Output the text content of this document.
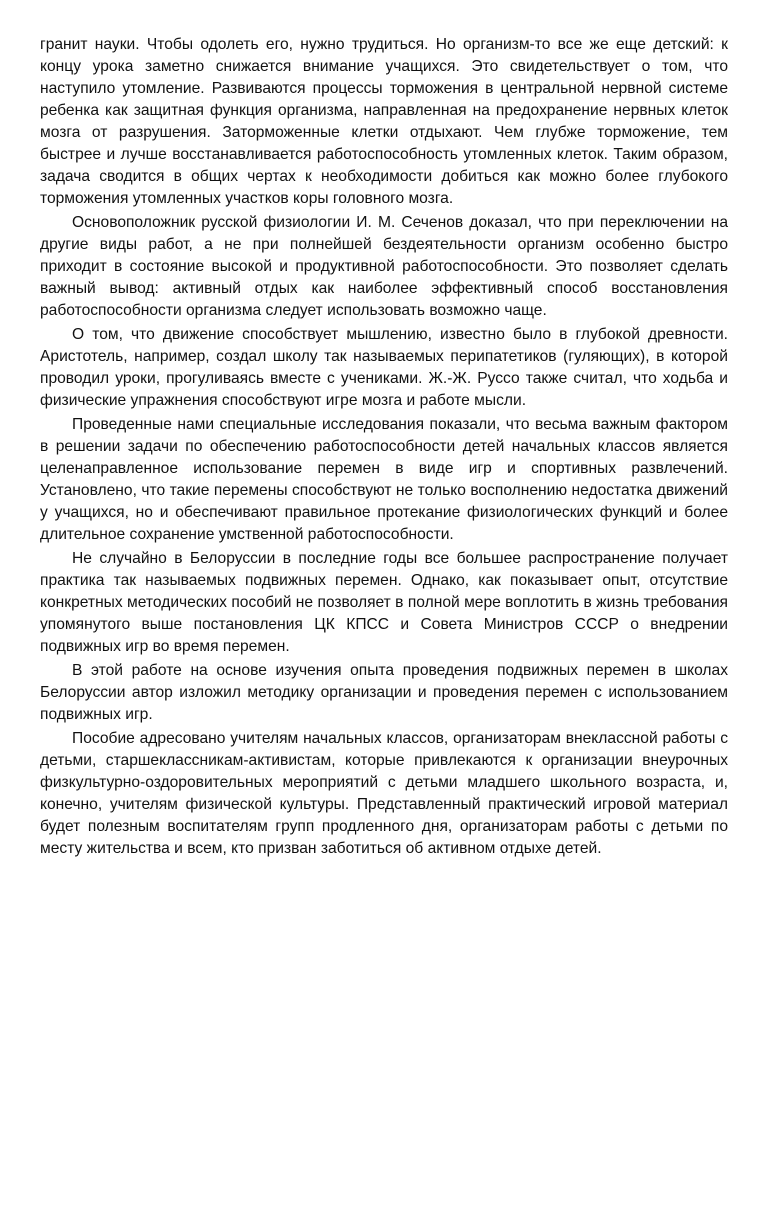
гранит науки. Чтобы одолеть его, нужно трудиться. Но организм-то все же еще детский: к концу урока заметно снижается внимание учащихся. Это свидетельствует о том, что наступило утомление. Развиваются процессы торможения в центральной нервной системе ребенка как защитная функция организма, направленная на предохранение нервных клеток мозга от разрушения. Заторможенные клетки отдыхают. Чем глубже торможение, тем быстрее и лучше восстанавливается работоспособность утомленных клеток. Таким образом, задача сводится в общих чертах к необходимости добиться как можно более глубокого торможения утомленных участков коры головного мозга.

Основоположник русской физиологии И. М. Сеченов доказал, что при переключении на другие виды работ, а не при полнейшей бездеятельности организм особенно быстро приходит в состояние высокой и продуктивной работоспособности. Это позволяет сделать важный вывод: активный отдых как наиболее эффективный способ восстановления работоспособности организма следует использовать возможно чаще.

О том, что движение способствует мышлению, известно было в глубокой древности. Аристотель, например, создал школу так называемых перипатетиков (гуляющих), в которой проводил уроки, прогуливаясь вместе с учениками. Ж.-Ж. Руссо также считал, что ходьба и физические упражнения способствуют игре мозга и работе мысли.

Проведенные нами специальные исследования показали, что весьма важным фактором в решении задачи по обеспечению работоспособности детей начальных классов является целенаправленное использование перемен в виде игр и спортивных развлечений. Установлено, что такие перемены способствуют не только восполнению недостатка движений у учащихся, но и обеспечивают правильное протекание физиологических функций и более длительное сохранение умственной работоспособности.

Не случайно в Белоруссии в последние годы все большее распространение получает практика так называемых подвижных перемен. Однако, как показывает опыт, отсутствие конкретных методических пособий не позволяет в полной мере воплотить в жизнь требования упомянутого выше постановления ЦК КПСС и Совета Министров СССР о внедрении подвижных игр во время перемен.

В этой работе на основе изучения опыта проведения подвижных перемен в школах Белоруссии автор изложил методику организации и проведения перемен с использованием подвижных игр.

Пособие адресовано учителям начальных классов, организаторам внеклассной работы с детьми, старшеклассникам-активистам, которые привлекаются к организации внеурочных физкультурно-оздоровительных мероприятий с детьми младшего школьного возраста, и, конечно, учителям физической культуры. Представленный практический игровой материал будет полезным воспитателям групп продленного дня, организаторам работы с детьми по месту жительства и всем, кто призван заботиться об активном отдыхе детей.
